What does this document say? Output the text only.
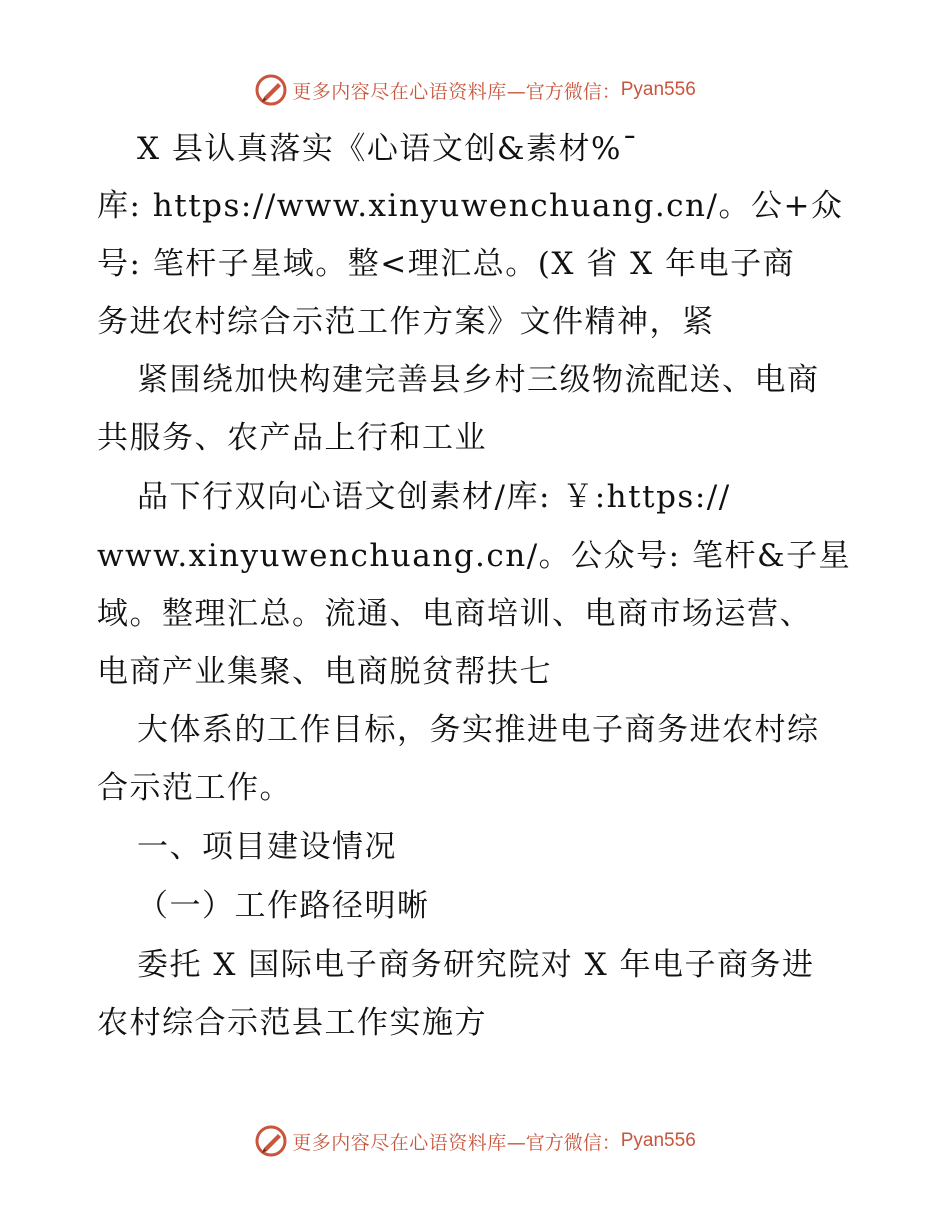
更多内容尽在心语资料库 —官方微信： Pyan556
X 县认真落实《心语文创&素材%¯
库: https://www.xinyuwenchuang.cn/。公+众
号: 笔杆子星域。整<理汇总。(X 省 X 年电子商
务进农村综合示范工作方案》文件精神，紧
紧围绕加快构建完善县乡村三级物流配送、电商
共服务、农产品上行和工业
品下行双向心语文创素材/库: ￥:https://
www.xinyuwenchuang.cn/。公众号: 笔杆&子星
域。整理汇总。流通、电商培训、电商市场运营、
电商产业集聚、电商脱贫帮扶七
大体系的工作目标，务实推进电子商务进农村综
合示范工作。
一、项目建设情况
（一）工作路径明晰
委托 X 国际电子商务研究院对 X 年电子商务进
农村综合示范县工作实施方
更多内容尽在心语资料库 —官方微信： Pyan556
